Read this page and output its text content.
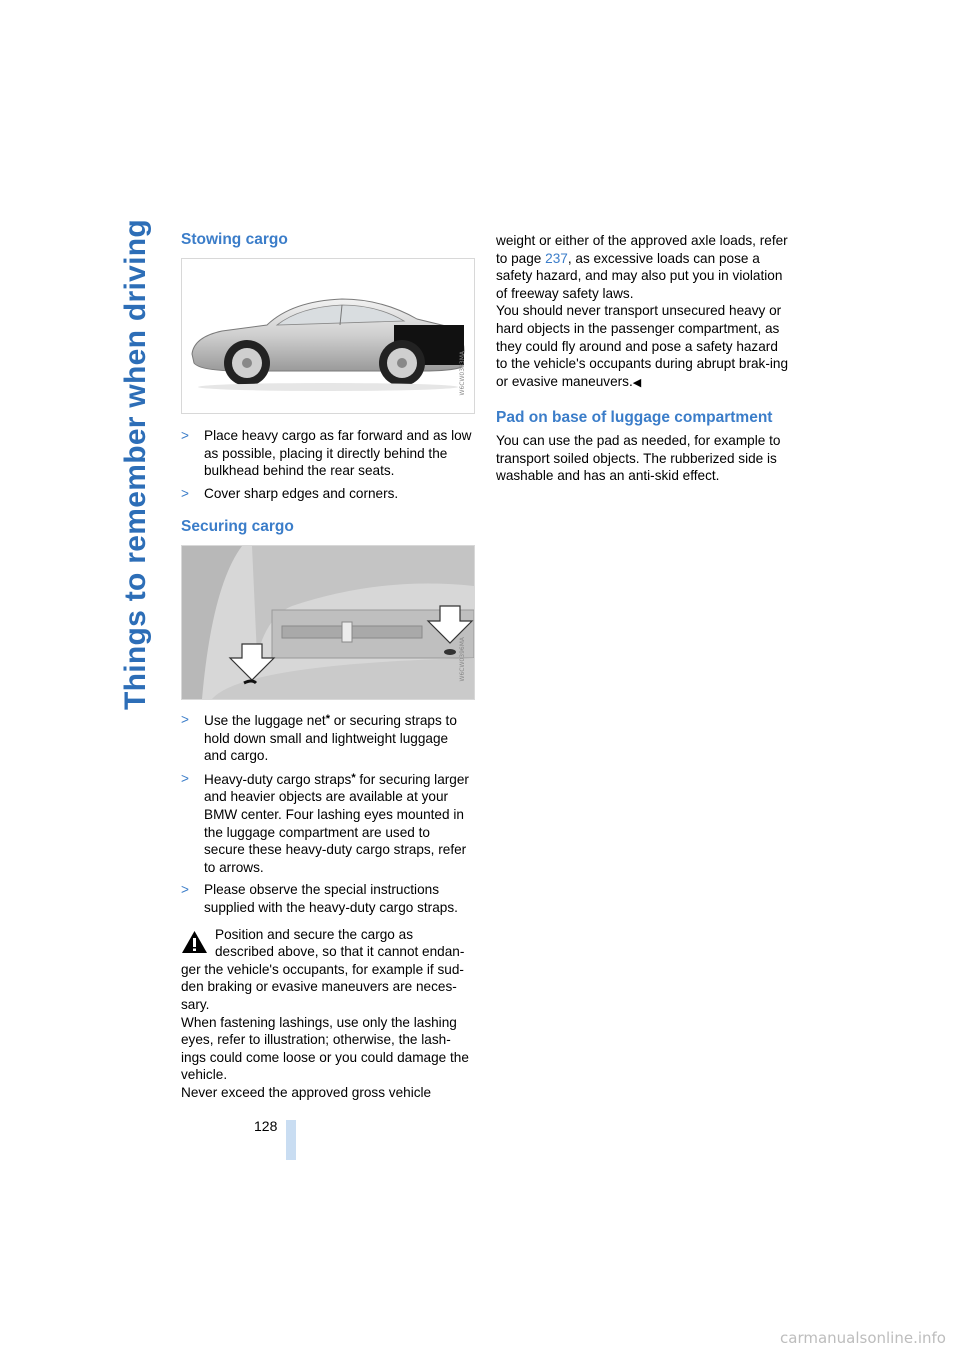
Things to remember when driving Stowing cargo
W6CW0383MA
> Place heavy cargo as far forward and as low as possible, placing it directly behind the bulkhead behind the rear seats.
> Cover sharp edges and corners.
Securing cargo
W6CW0396MA
> Use the luggage net* or securing straps to hold down small and lightweight luggage and cargo.
> Heavy-duty cargo straps* for securing larger and heavier objects are available at your BMW center. Four lashing eyes mounted in the luggage compartment are used to secure these heavy-duty cargo straps, refer to arrows.
> Please observe the special instructions supplied with the heavy-duty cargo straps.

Position and secure the cargo as described above, so that it cannot endan-

ger the vehicle's occupants, for example if sud-den braking or evasive maneuvers are neces-sary.

When fastening lashings, use only the lashing eyes, refer to illustration; otherwise, the lash-ings could come loose or you could damage the vehicle.

Never exceed the approved gross vehicle

weight or either of the approved axle loads, refer to page 237, as excessive loads can pose a safety hazard, and may also put you in violation of freeway safety laws.

You should never transport unsecured heavy or hard objects in the passenger compartment, as they could fly around and pose a safety hazard to the vehicle's occupants during abrupt brak-ing or evasive maneuvers.◀

Pad on base of luggage compartment

You can use the pad as needed, for example to transport soiled objects. The rubberized side is washable and has an anti-skid effect.

128
carmanualsonline.info
